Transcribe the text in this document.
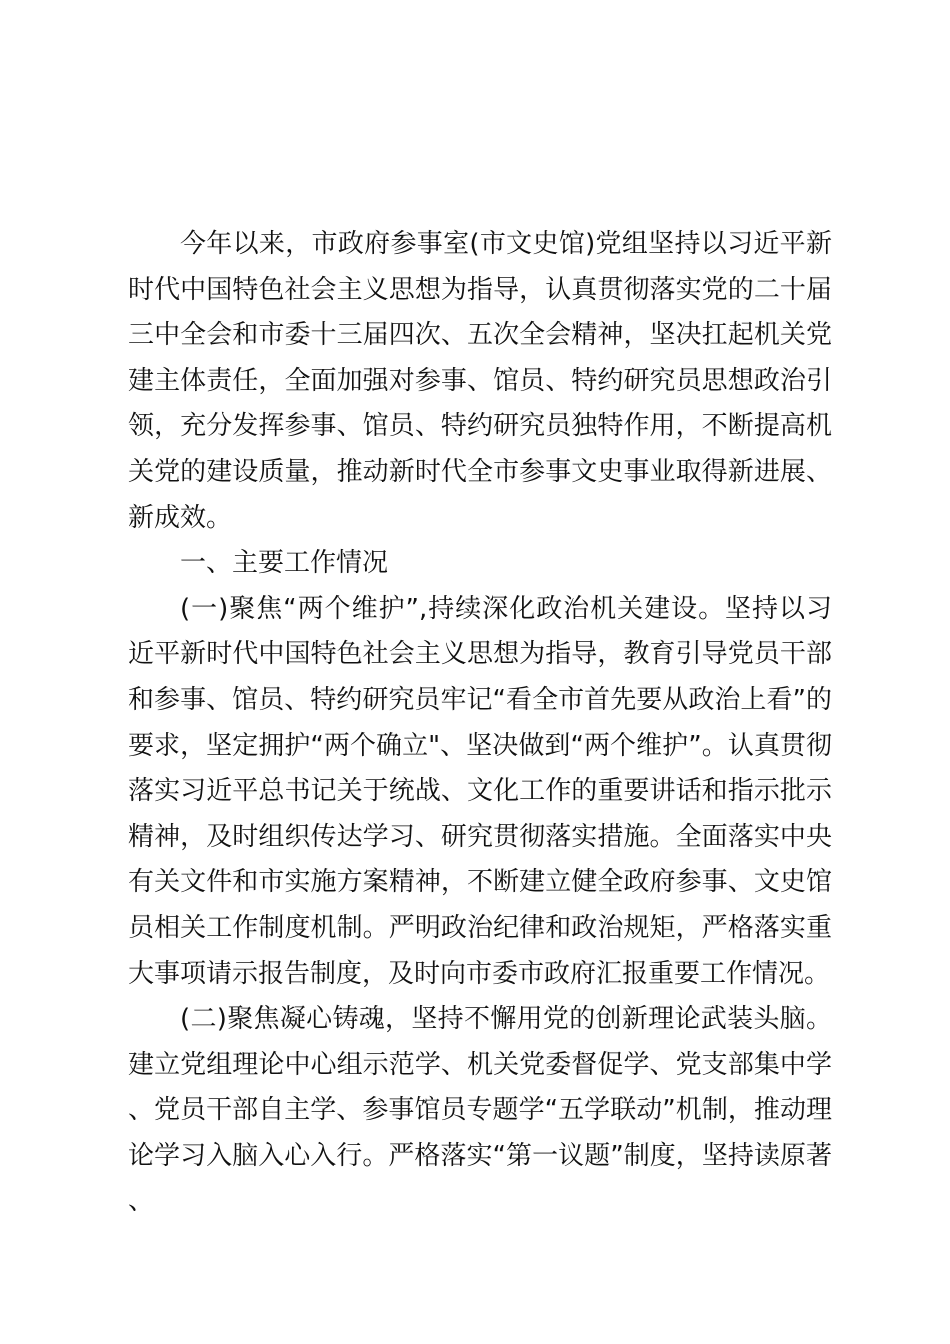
今年以来，市政府参事室(市文史馆)党组坚持以习近平新时代中国特色社会主义思想为指导，认真贯彻落实党的二十届三中全会和市委十三届四次、五次全会精神，坚决扛起机关党建主体责任，全面加强对参事、馆员、特约研究员思想政治引领，充分发挥参事、馆员、特约研究员独特作用，不断提高机关党的建设质量，推动新时代全市参事文史事业取得新进展、新成效。

一、主要工作情况

(一)聚焦“两个维护”,持续深化政治机关建设。坚持以习近平新时代中国特色社会主义思想为指导，教育引导党员干部和参事、馆员、特约研究员牢记“看全市首先要从政治上看”的要求，坚定拥护“两个确立"、坚决做到“两个维护”。认真贯彻落实习近平总书记关于统战、文化工作的重要讲话和指示批示精神，及时组织传达学习、研究贯彻落实措施。全面落实中央有关文件和市实施方案精神，不断建立健全政府参事、文史馆员相关工作制度机制。严明政治纪律和政治规矩，严格落实重大事项请示报告制度，及时向市委市政府汇报重要工作情况。

(二)聚焦凝心铸魂，坚持不懈用党的创新理论武装头脑。建立党组理论中心组示范学、机关党委督促学、党支部集中学、党员干部自主学、参事馆员专题学“五学联动”机制，推动理论学习入脑入心入行。严格落实“第一议题”制度，坚持读原著、
